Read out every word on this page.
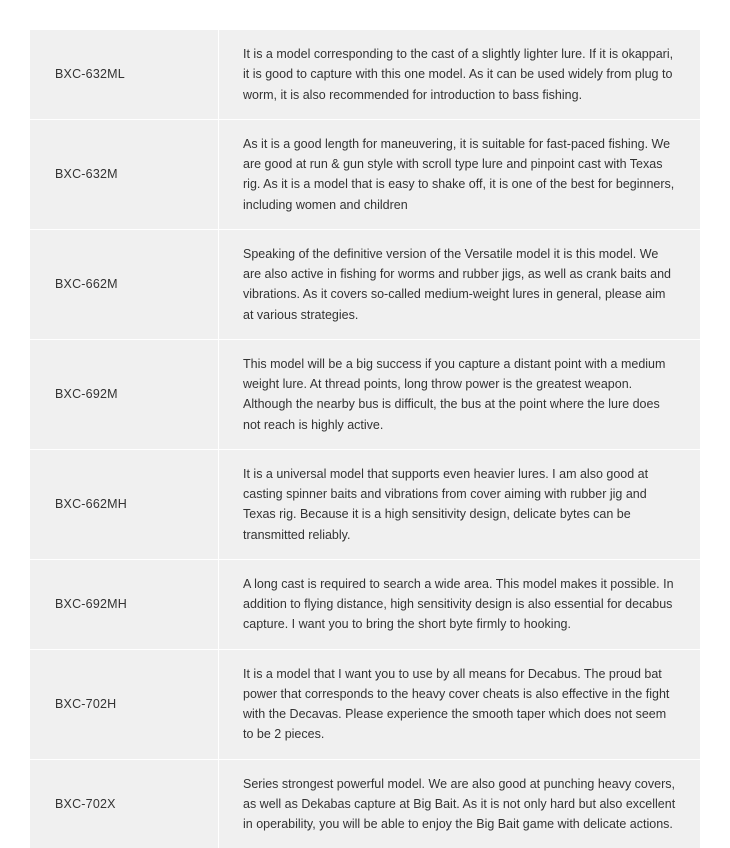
BXC-632ML	It is a model corresponding to the cast of a slightly lighter lure. If it is okappari, it is good to capture with this one model. As it can be used widely from plug to worm, it is also recommended for introduction to bass fishing.

BXC-632M	As it is a good length for maneuvering, it is suitable for fast-paced fishing. We are good at run & gun style with scroll type lure and pinpoint cast with Texas rig. As it is a model that is easy to shake off, it is one of the best for beginners, including women and children

BXC-662M	Speaking of the definitive version of the Versatile model it is this model. We are also active in fishing for worms and rubber jigs, as well as crank baits and vibrations. As it covers so-called medium-weight lures in general, please aim at various strategies.

BXC-692M	This model will be a big success if you capture a distant point with a medium weight lure. At thread points, long throw power is the greatest weapon. Although the nearby bus is difficult, the bus at the point where the lure does not reach is highly active.

BXC-662MH	It is a universal model that supports even heavier lures. I am also good at casting spinner baits and vibrations from cover aiming with rubber jig and Texas rig. Because it is a high sensitivity design, delicate bytes can be transmitted reliably.

BXC-692MH	A long cast is required to search a wide area. This model makes it possible. In addition to flying distance, high sensitivity design is also essential for decabus capture. I want you to bring the short byte firmly to hooking.

BXC-702H	It is a model that I want you to use by all means for Decabus. The proud bat power that corresponds to the heavy cover cheats is also effective in the fight with the Decavas. Please experience the smooth taper which does not seem to be 2 pieces.

BXC-702X	Series strongest powerful model. We are also good at punching heavy covers, as well as Dekabas capture at Big Bait. As it is not only hard but also excellent in operability, you will be able to enjoy the Big Bait game with delicate actions.
